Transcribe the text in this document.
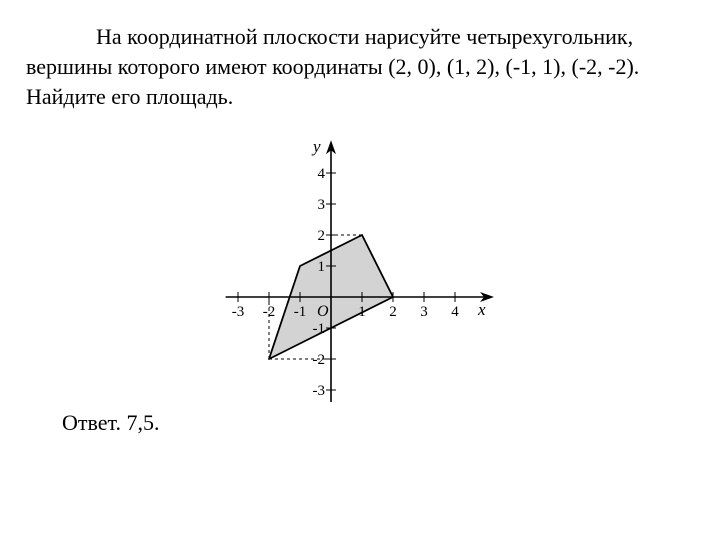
На координатной плоскости нарисуйте четырехугольник,
вершины которого имеют координаты (2, 0), (1, 2), (-1, 1), (-2, -2).
Найдите его площадь.

-3 -2 -1	1 2 3 4
4
3
2
1
-1
-2
-3
x
y
O

Ответ. 7,5.
